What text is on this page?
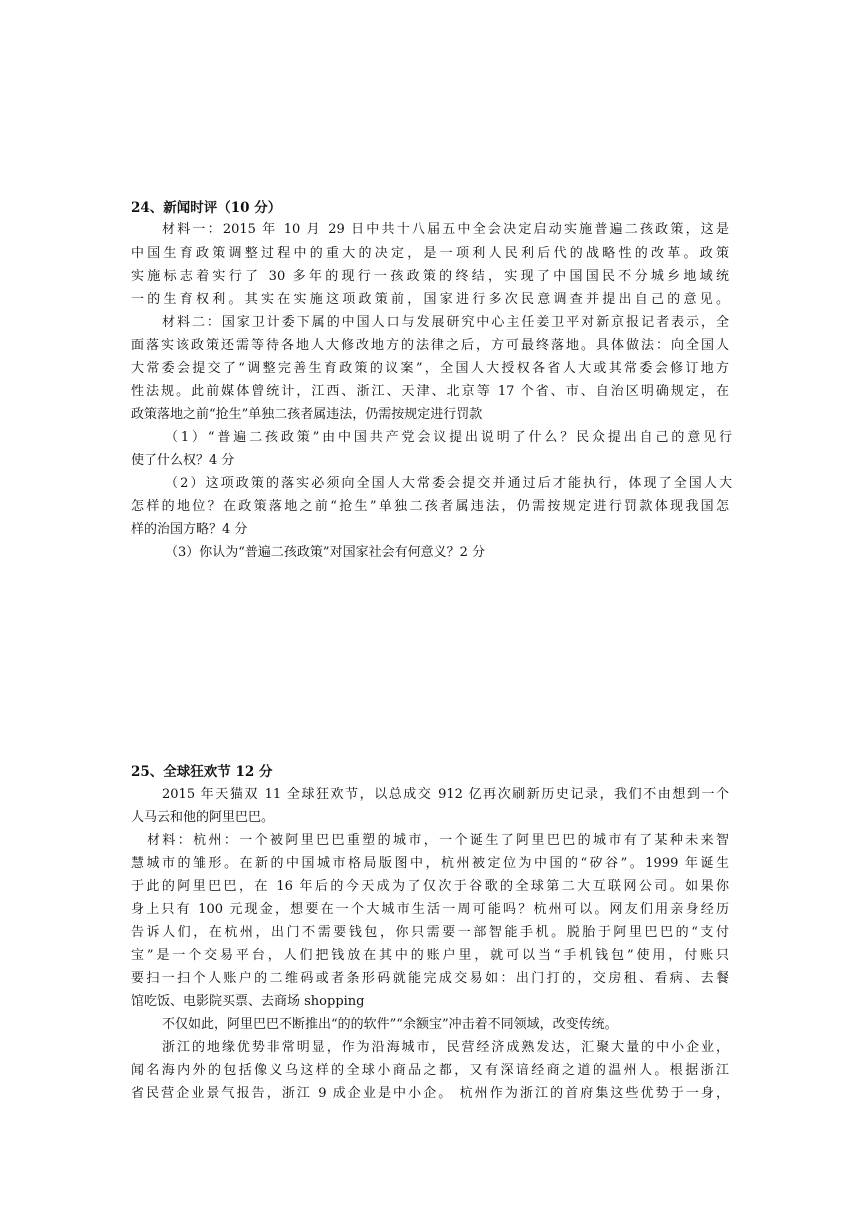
24、新闻时评（10 分）
材料一：2015 年 10 月 29 日中共十八届五中全会决定启动实施普遍二孩政策，这是
中国生育政策调整过程中的重大的决定，是一项利人民利后代的战略性的改革。政策
实施标志着实行了 30 多年的现行一孩政策的终结，实现了中国国民不分城乡地域统
一的生育权利。其实在实施这项政策前，国家进行多次民意调查并提出自己的意见。
材料二：国家卫计委下属的中国人口与发展研究中心主任姜卫平对新京报记者表示，全
面落实该政策还需等待各地人大修改地方的法律之后，方可最终落地。具体做法：向全国人
大常委会提交了“调整完善生育政策的议案”，全国人大授权各省人大或其常委会修订地方
性法规。此前媒体曾统计，江西、浙江、天津、北京等 17 个省、市、自治区明确规定，在
政策落地之前“抢生”单独二孩者属违法，仍需按规定进行罚款
（1）“普遍二孩政策”由中国共产党会议提出说明了什么？民众提出自己的意见行
使了什么权？4 分
（2）这项政策的落实必须向全国人大常委会提交并通过后才能执行，体现了全国人大
怎样的地位？在政策落地之前“抢生”单独二孩者属违法，仍需按规定进行罚款体现我国怎
样的治国方略？4 分
（3）你认为“普遍二孩政策”对国家社会有何意义？2 分
25、全球狂欢节 12 分
2015 年天猫双 11 全球狂欢节，以总成交 912 亿再次刷新历史记录，我们不由想到一个
人马云和他的阿里巴巴。
材料：杭州：一个被阿里巴巴重塑的城市，一个诞生了阿里巴巴的城市有了某种未来智
慧城市的雏形。在新的中国城市格局版图中，杭州被定位为中国的“矽谷”。1999 年诞生
于此的阿里巴巴，在 16 年后的今天成为了仅次于谷歌的全球第二大互联网公司。如果你
身上只有 100 元现金，想要在一个大城市生活一周可能吗？杭州可以。网友们用亲身经历
告诉人们，在杭州，出门不需要钱包，你只需要一部智能手机。脱胎于阿里巴巴的“支付
宝”是一个交易平台，人们把钱放在其中的账户里，就可以当“手机钱包”使用，付账只
要扫一扫个人账户的二维码或者条形码就能完成交易如：出门打的，交房租、看病、去餐
馆吃饭、电影院买票、去商场 shopping
不仅如此，阿里巴巴不断推出“的的软件”“余额宝”冲击着不同领域，改变传统。
浙江的地缘优势非常明显，作为沿海城市，民营经济成熟发达，汇聚大量的中小企业，
闻名海内外的包括像义乌这样的全球小商品之都，又有深谙经商之道的温州人。根据浙江
省民营企业景气报告，浙江 9 成企业是中小企。 杭州作为浙江的首府集这些优势于一身，
